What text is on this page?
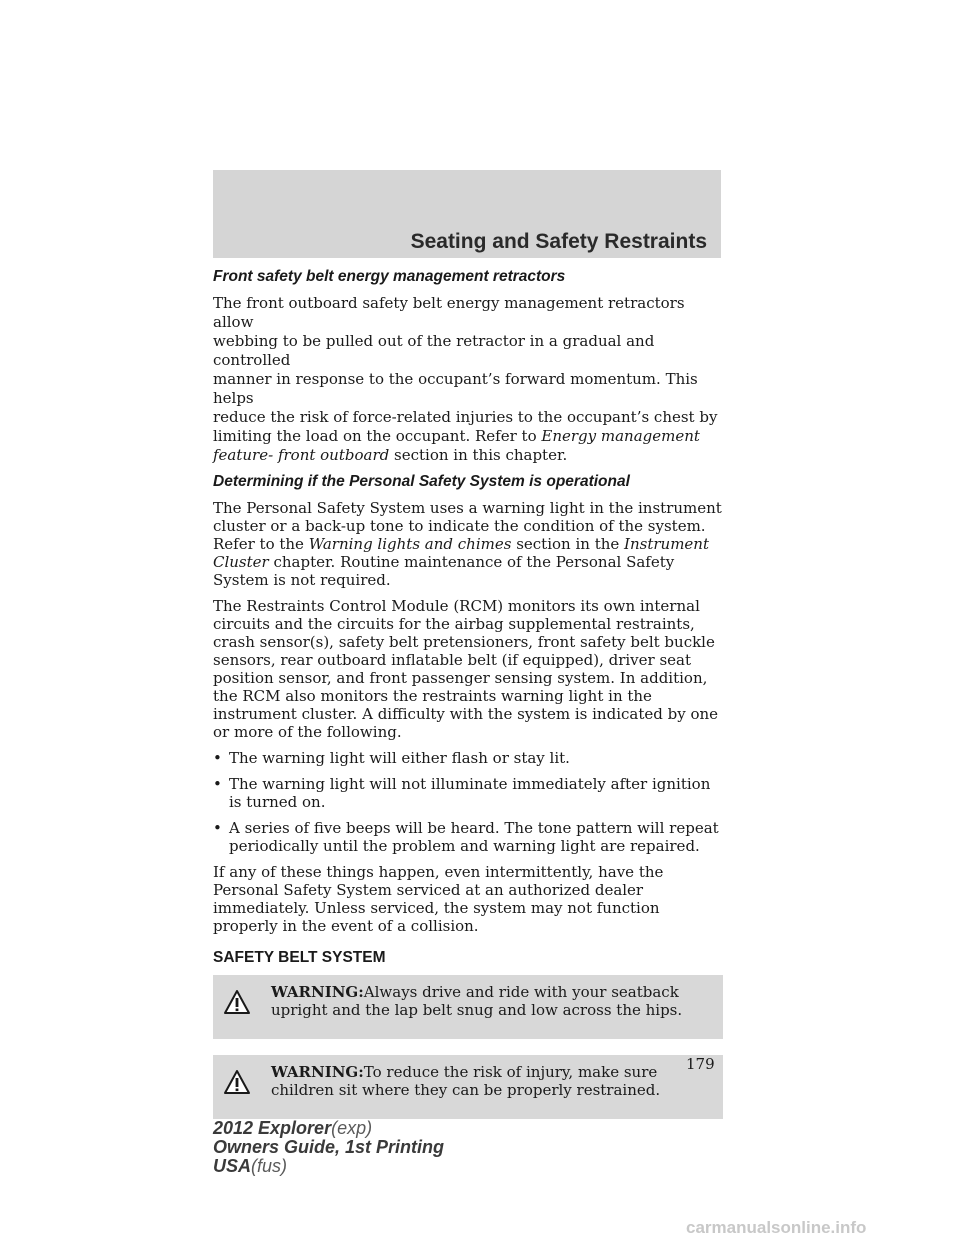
Seating and Safety Restraints
Front safety belt energy management retractors

The front outboard safety belt energy management retractors allow
webbing to be pulled out of the retractor in a gradual and controlled
manner in response to the occupant’s forward momentum. This helps
reduce the risk of force-related injuries to the occupant’s chest by
limiting the load on the occupant. Refer to Energy management
feature- front outboard section in this chapter.

Determining if the Personal Safety System is operational

The Personal Safety System uses a warning light in the instrument cluster or a back-up tone to indicate the condition of the system. Refer to the Warning lights and chimes section in the Instrument Cluster chapter. Routine maintenance of the Personal Safety System is not required.

The Restraints Control Module (RCM) monitors its own internal circuits and the circuits for the airbag supplemental restraints, crash sensor(s), safety belt pretensioners, front safety belt buckle sensors, rear outboard inflatable belt (if equipped), driver seat position sensor, and front passenger sensing system. In addition, the RCM also monitors the restraints warning light in the instrument cluster. A difficulty with the system is indicated by one or more of the following.

• The warning light will either flash or stay lit.
• The warning light will not illuminate immediately after ignition is turned on.
• A series of five beeps will be heard. The tone pattern will repeat periodically until the problem and warning light are repaired.

If any of these things happen, even intermittently, have the Personal Safety System serviced at an authorized dealer immediately. Unless serviced, the system may not function properly in the event of a collision.

SAFETY BELT SYSTEM
WARNING:Always drive and ride with your seatback upright and the lap belt snug and low across the hips.
WARNING:To reduce the risk of injury, make sure children sit where they can be properly restrained.
179
2012 Explorer(exp)
Owners Guide, 1st Printing
USA(fus)
carmanualsonline.info
